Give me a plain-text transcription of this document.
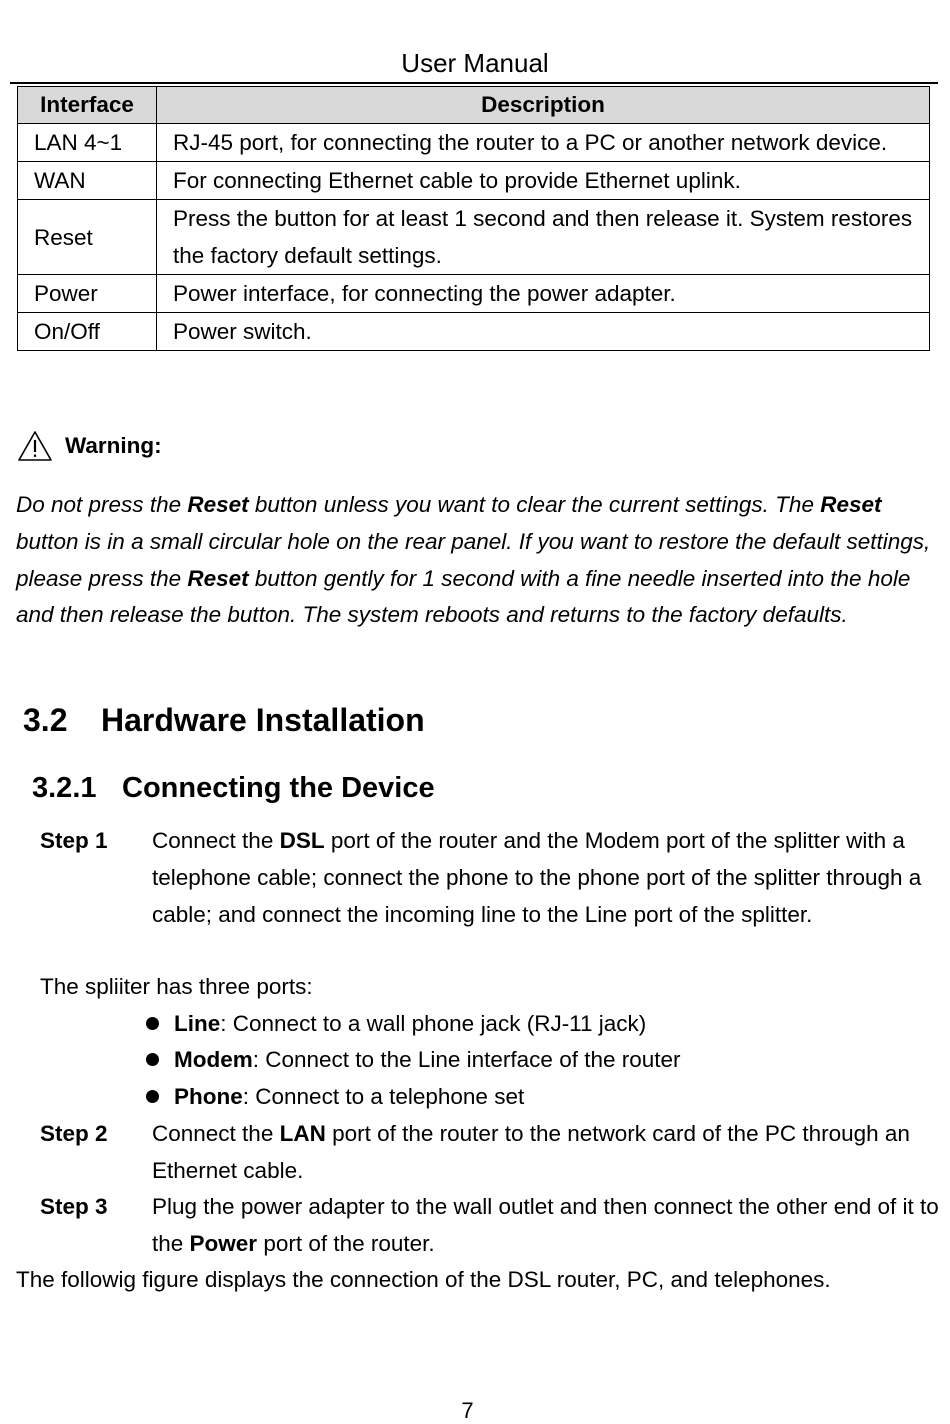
User Manual
Interface	Description
LAN 4~1	RJ-45 port, for connecting the router to a PC or another network device.
WAN	For connecting Ethernet cable to provide Ethernet uplink.
Reset	Press the button for at least 1 second and then release it. System restores the factory default settings.
Power	Power interface, for connecting the power adapter.
On/Off	Power switch.
Warning:
Do not press the Reset button unless you want to clear the current settings. The Reset button is in a small circular hole on the rear panel. If you want to restore the default settings, please press the Reset button gently for 1 second with a fine needle inserted into the hole and then release the button. The system reboots and returns to the factory defaults.
3.2 Hardware Installation
3.2.1 Connecting the Device
Step 1 Connect the DSL port of the router and the Modem port of the splitter with a telephone cable; connect the phone to the phone port of the splitter through a cable; and connect the incoming line to the Line port of the splitter.
The spliiter has three ports:
Line: Connect to a wall phone jack (RJ-11 jack)
Modem: Connect to the Line interface of the router
Phone: Connect to a telephone set
Step 2 Connect the LAN port of the router to the network card of the PC through an Ethernet cable.
Step 3 Plug the power adapter to the wall outlet and then connect the other end of it to the Power port of the router.
The followig figure displays the connection of the DSL router, PC, and telephones.
7
